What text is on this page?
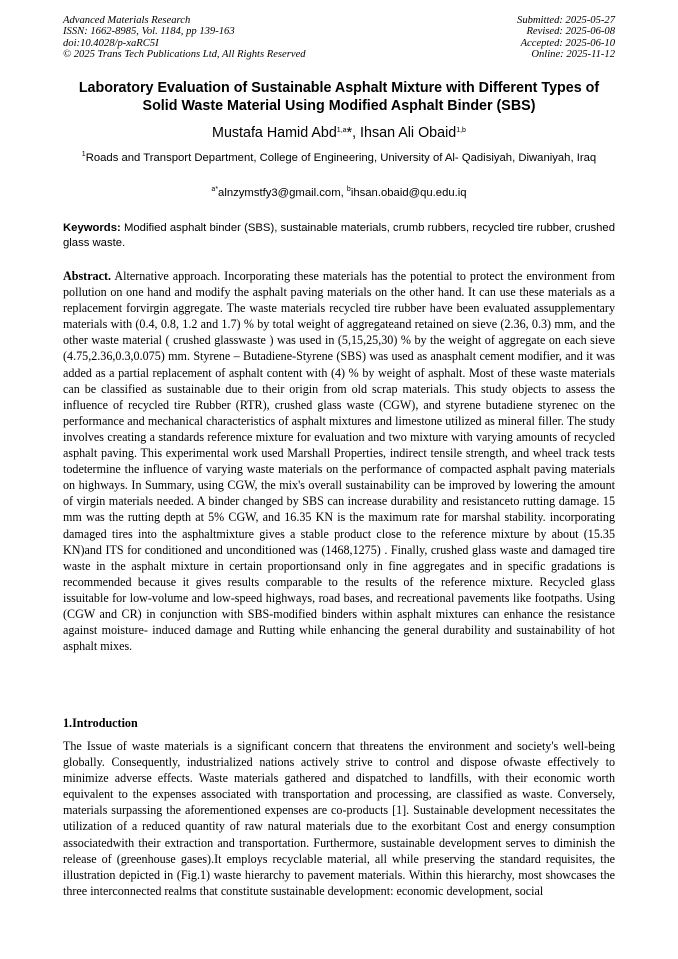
Advanced Materials Research
ISSN: 1662-8985, Vol. 1184, pp 139-163
doi:10.4028/p-xaRC5I
© 2025 Trans Tech Publications Ltd, All Rights Reserved
Submitted: 2025-05-27
Revised: 2025-06-08
Accepted: 2025-06-10
Online: 2025-11-12
Laboratory Evaluation of Sustainable Asphalt Mixture with Different Types of Solid Waste Material Using Modified Asphalt Binder (SBS)
Mustafa Hamid Abd$^{1,a}$*, Ihsan Ali Obaid$^{1,b}$
$^1$Roads and Transport Department, College of Engineering, University of Al- Qadisiyah, Diwaniyah, Iraq
$^{a*}$alnzymstfy3@gmail.com, $^b$ihsan.obaid@qu.edu.iq
Keywords: Modified asphalt binder (SBS), sustainable materials, crumb rubbers, recycled tire rubber, crushed glass waste.
Abstract. Alternative approach. Incorporating these materials has the potential to protect the environment from pollution on one hand and modify the asphalt paving materials on the other hand. It can use these materials as a replacement forvirgin aggregate. The waste materials recycled tire rubber have been evaluated assupplementary materials with (0.4, 0.8, 1.2 and 1.7) % by total weight of aggregateand retained on sieve (2.36, 0.3) mm, and the other waste material ( crushed glasswaste ) was used in (5,15,25,30) % by the weight of aggregate on each sieve (4.75,2.36,0.3,0.075) mm. Styrene – Butadiene-Styrene (SBS) was used as anasphalt cement modifier, and it was added as a partial replacement of asphalt content with (4) % by weight of asphalt. Most of these waste materials can be classified as sustainable due to their origin from old scrap materials. This study objects to assess the influence of recycled tire Rubber (RTR), crushed glass waste (CGW), and styrene butadiene styrenec on the performance and mechanical characteristics of asphalt mixtures and limestone utilized as mineral filler. The study involves creating a standards reference mixture for evaluation and two mixture with varying amounts of recycled asphalt paving. This experimental work used Marshall Properties, indirect tensile strength, and wheel track tests todetermine the influence of varying waste materials on the performance of compacted asphalt paving materials on highways. In Summary, using CGW, the mix's overall sustainability can be improved by lowering the amount of virgin materials needed. A binder changed by SBS can increase durability and resistanceto rutting damage. 15 mm was the rutting depth at 5% CGW, and 16.35 KN is the maximum rate for marshal stability. incorporating damaged tires into the asphaltmixture gives a stable product close to the reference mixture by about (15.35 KN)and ITS for conditioned and unconditioned was (1468,1275) . Finally, crushed glass waste and damaged tire waste in the asphalt mixture in certain proportionsand only in fine aggregates and in specific gradations is recommended because it gives results comparable to the results of the reference mixture. Recycled glass issuitable for low-volume and low-speed highways, road bases, and recreational pavements like footpaths. Using (CGW and CR) in conjunction with SBS-modified binders within asphalt mixtures can enhance the resistance against moisture- induced damage and Rutting while enhancing the general durability and sustainability of hot asphalt mixes.
1.Introduction
The Issue of waste materials is a significant concern that threatens the environment and society's well-being globally. Consequently, industrialized nations actively strive to control and dispose ofwaste effectively to minimize adverse effects. Waste materials gathered and dispatched to landfills, with their economic worth equivalent to the expenses associated with transportation and processing, are classified as waste. Conversely, materials surpassing the aforementioned expenses are co-products [1]. Sustainable development necessitates the utilization of a reduced quantity of raw natural materials due to the exorbitant Cost and energy consumption associatedwith their extraction and transportation. Furthermore, sustainable development serves to diminish the release of (greenhouse gases).It employs recyclable material, all while preserving the standard requisites, the illustration depicted in (Fig.1) waste hierarchy to pavement materials. Within this hierarchy, most showcases the three interconnected realms that constitute sustainable development: economic development, social
